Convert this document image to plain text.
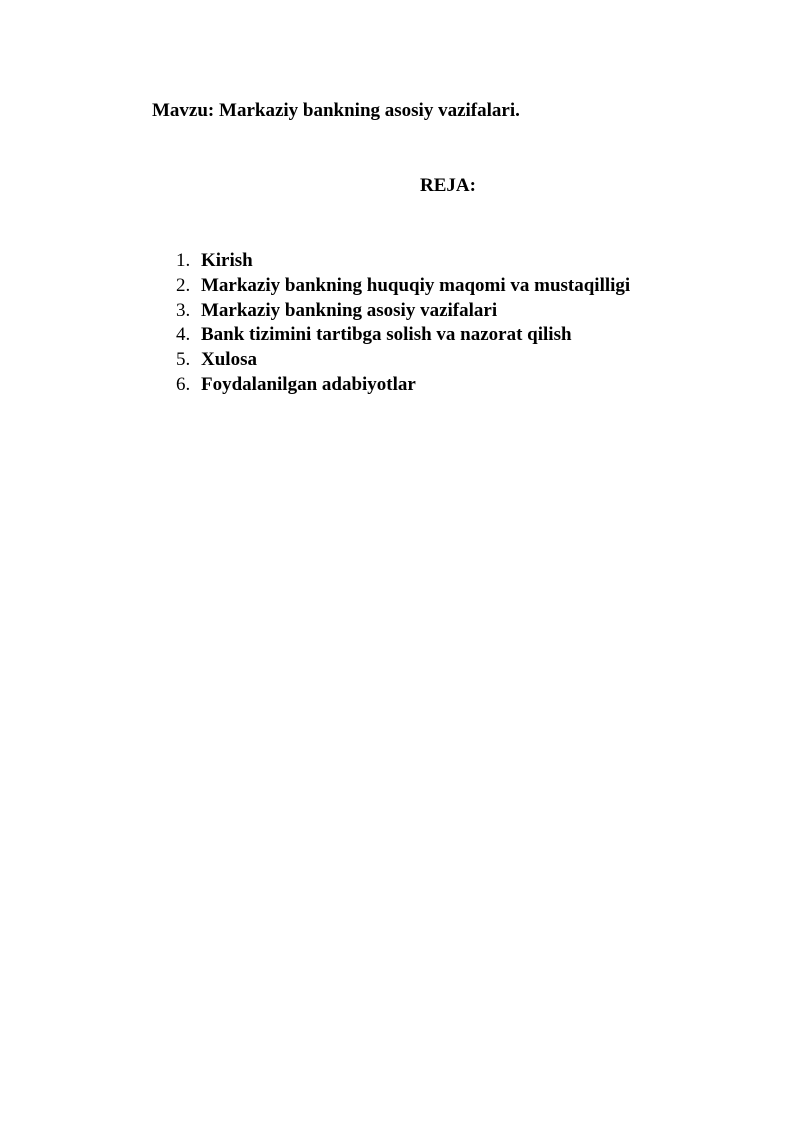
Mavzu: Markaziy bankning asosiy vazifalari.
REJA:
1. Kirish
2. Markaziy bankning huquqiy maqomi va mustaqilligi
3. Markaziy bankning asosiy vazifalari
4. Bank tizimini tartibga solish va nazorat qilish
5. Xulosa
6. Foydalanilgan adabiyotlar
